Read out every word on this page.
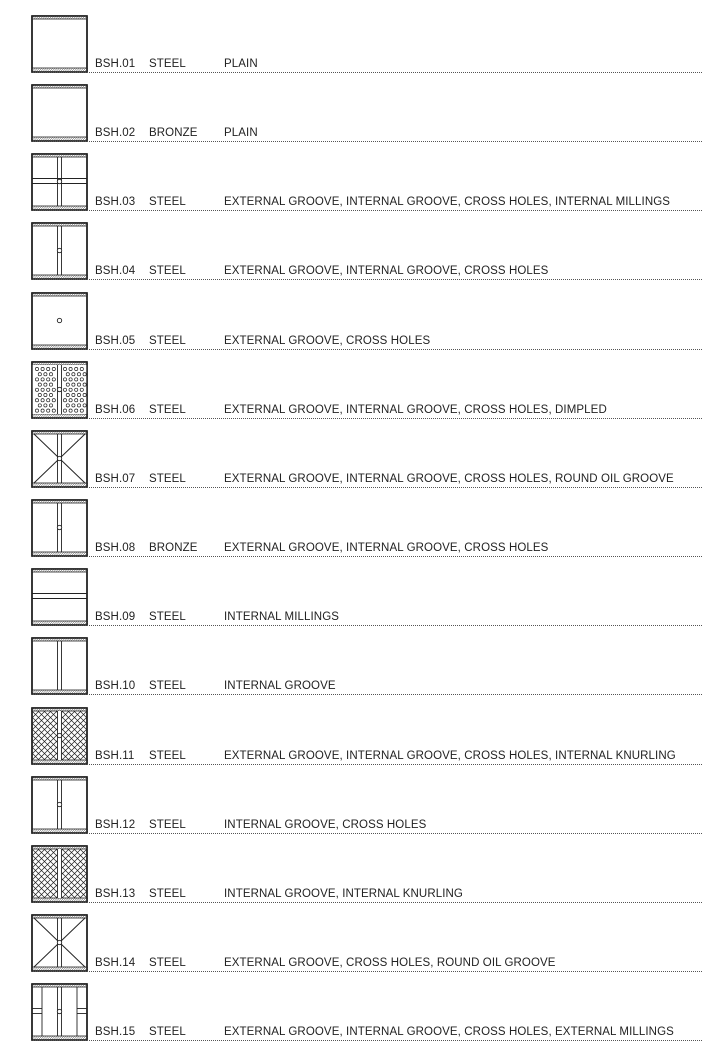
BSH.01 STEEL	PLAIN
BSH.02 BRONZE PLAIN
BSH.03 STEEL	EXTERNAL GROOVE, INTERNAL GROOVE, CROSS HOLES, INTERNAL MILLINGS
BSH.04 STEEL	EXTERNAL GROOVE, INTERNAL GROOVE, CROSS HOLES
BSH.05 STEEL	EXTERNAL GROOVE, CROSS HOLES
BSH.06 STEEL	EXTERNAL GROOVE, INTERNAL GROOVE, CROSS HOLES, DIMPLED
BSH.07 STEEL	EXTERNAL GROOVE, INTERNAL GROOVE, CROSS HOLES, ROUND OIL GROOVE
BSH.08 BRONZE EXTERNAL GROOVE, INTERNAL GROOVE, CROSS HOLES
BSH.09 STEEL	INTERNAL MILLINGS
BSH.10 STEEL	INTERNAL GROOVE
BSH.11 STEEL	EXTERNAL GROOVE, INTERNAL GROOVE, CROSS HOLES, INTERNAL KNURLING
BSH.12 STEEL	INTERNAL GROOVE, CROSS HOLES
BSH.13 STEEL	INTERNAL GROOVE, INTERNAL KNURLING
BSH.14 STEEL	EXTERNAL GROOVE, CROSS HOLES, ROUND OIL GROOVE
BSH.15 STEEL	EXTERNAL GROOVE, INTERNAL GROOVE, CROSS HOLES, EXTERNAL MILLINGS
